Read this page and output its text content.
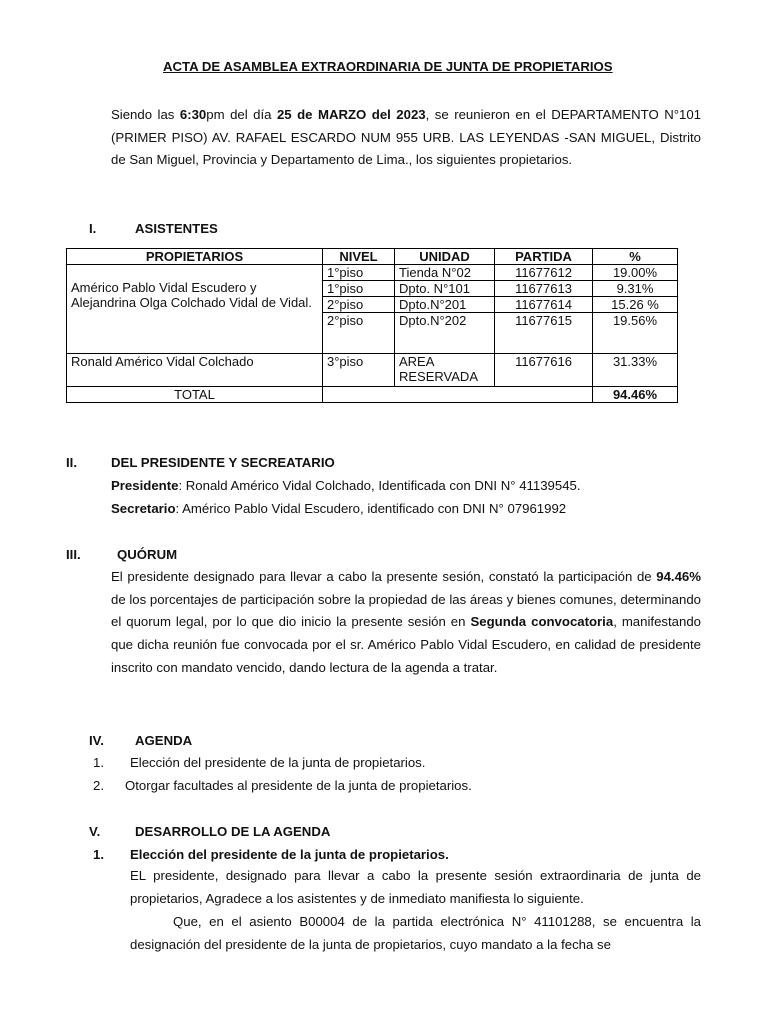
ACTA DE ASAMBLEA EXTRAORDINARIA DE JUNTA DE PROPIETARIOS
Siendo las 6:30pm del día 25 de MARZO del 2023, se reunieron en el DEPARTAMENTO N°101 (PRIMER PISO) AV. RAFAEL ESCARDO NUM 955 URB. LAS LEYENDAS -SAN MIGUEL, Distrito de San Miguel, Provincia y Departamento de Lima., los siguientes propietarios.
I.	ASISTENTES
PROPIETARIOS	NIVEL	UNIDAD	PARTIDA	%
Américo Pablo Vidal Escudero y Alejandrina Olga Colchado Vidal de Vidal.	1°piso	Tienda N°02	11677612	19.00%
	1°piso	Dpto. N°101	11677613	9.31%
	2°piso	Dpto.N°201	11677614	15.26 %
	2°piso	Dpto.N°202	11677615	19.56%
Ronald Américo Vidal Colchado	3°piso	AREA RESERVADA	11677616	31.33%
TOTAL				94.46%
II.	DEL PRESIDENTE Y SECREATARIO
Presidente: Ronald Américo Vidal Colchado, Identificada con DNI N° 41139545.
Secretario: Américo Pablo Vidal Escudero, identificado con DNI N° 07961992
III.	QUÓRUM
El presidente designado para llevar a cabo la presente sesión, constató la participación de 94.46% de los porcentajes de participación sobre la propiedad de las áreas y bienes comunes, determinando el quorum legal, por lo que dio inicio la presente sesión en Segunda convocatoria, manifestando que dicha reunión fue convocada por el sr. Américo Pablo Vidal Escudero, en calidad de presidente inscrito con mandato vencido, dando lectura de la agenda a tratar.
IV. AGENDA
1. Elección del presidente de la junta de propietarios.
2. Otorgar facultades al presidente de la junta de propietarios.
V.	DESARROLLO DE LA AGENDA
1. Elección del presidente de la junta de propietarios.
EL presidente, designado para llevar a cabo la presente sesión extraordinaria de junta de propietarios, Agradece a los asistentes y de inmediato manifiesta lo siguiente.
Que, en el asiento B00004 de la partida electrónica N° 41101288, se encuentra la designación del presidente de la junta de propietarios, cuyo mandato a la fecha se
